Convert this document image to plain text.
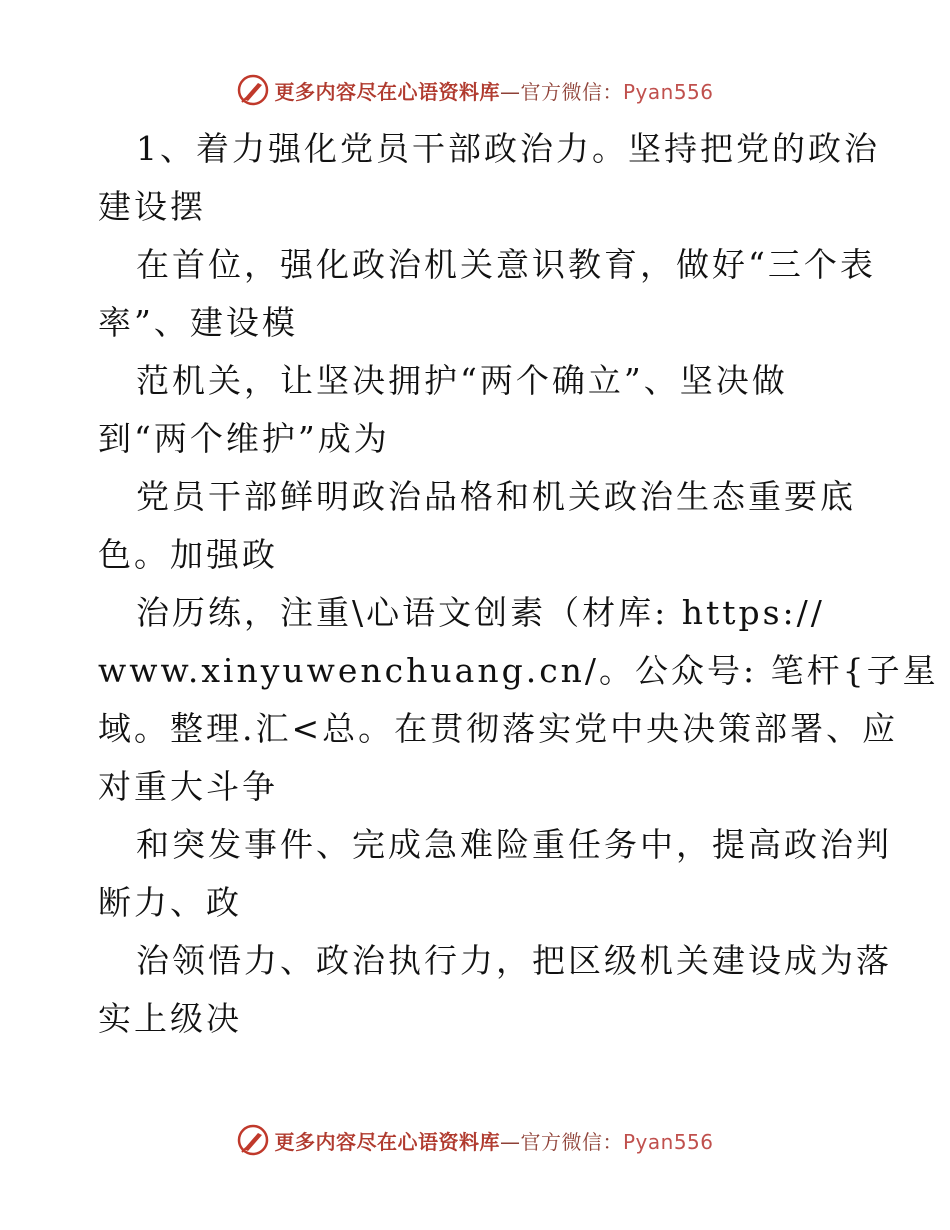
更多内容尽在心语资料库—官方微信：Pyan556
1、着力强化党员干部政治力。坚持把党的政治
建设摆
在首位，强化政治机关意识教育，做好“三个表
率”、建设模
范机关，让坚决拥护“两个确立”、坚决做
到“两个维护”成为
党员干部鲜明政治品格和机关政治生态重要底
色。加强政
治历练，注重\心语文创素（材库: https://
www.xinyuwenchuang.cn/。公众号: 笔杆{子星
域。整理.汇<总。在贯彻落实党中央决策部署、应
对重大斗争
和突发事件、完成急难险重任务中，提高政治判
断力、政
治领悟力、政治执行力，把区级机关建设成为落
实上级决
更多内容尽在心语资料库—官方微信：Pyan556
